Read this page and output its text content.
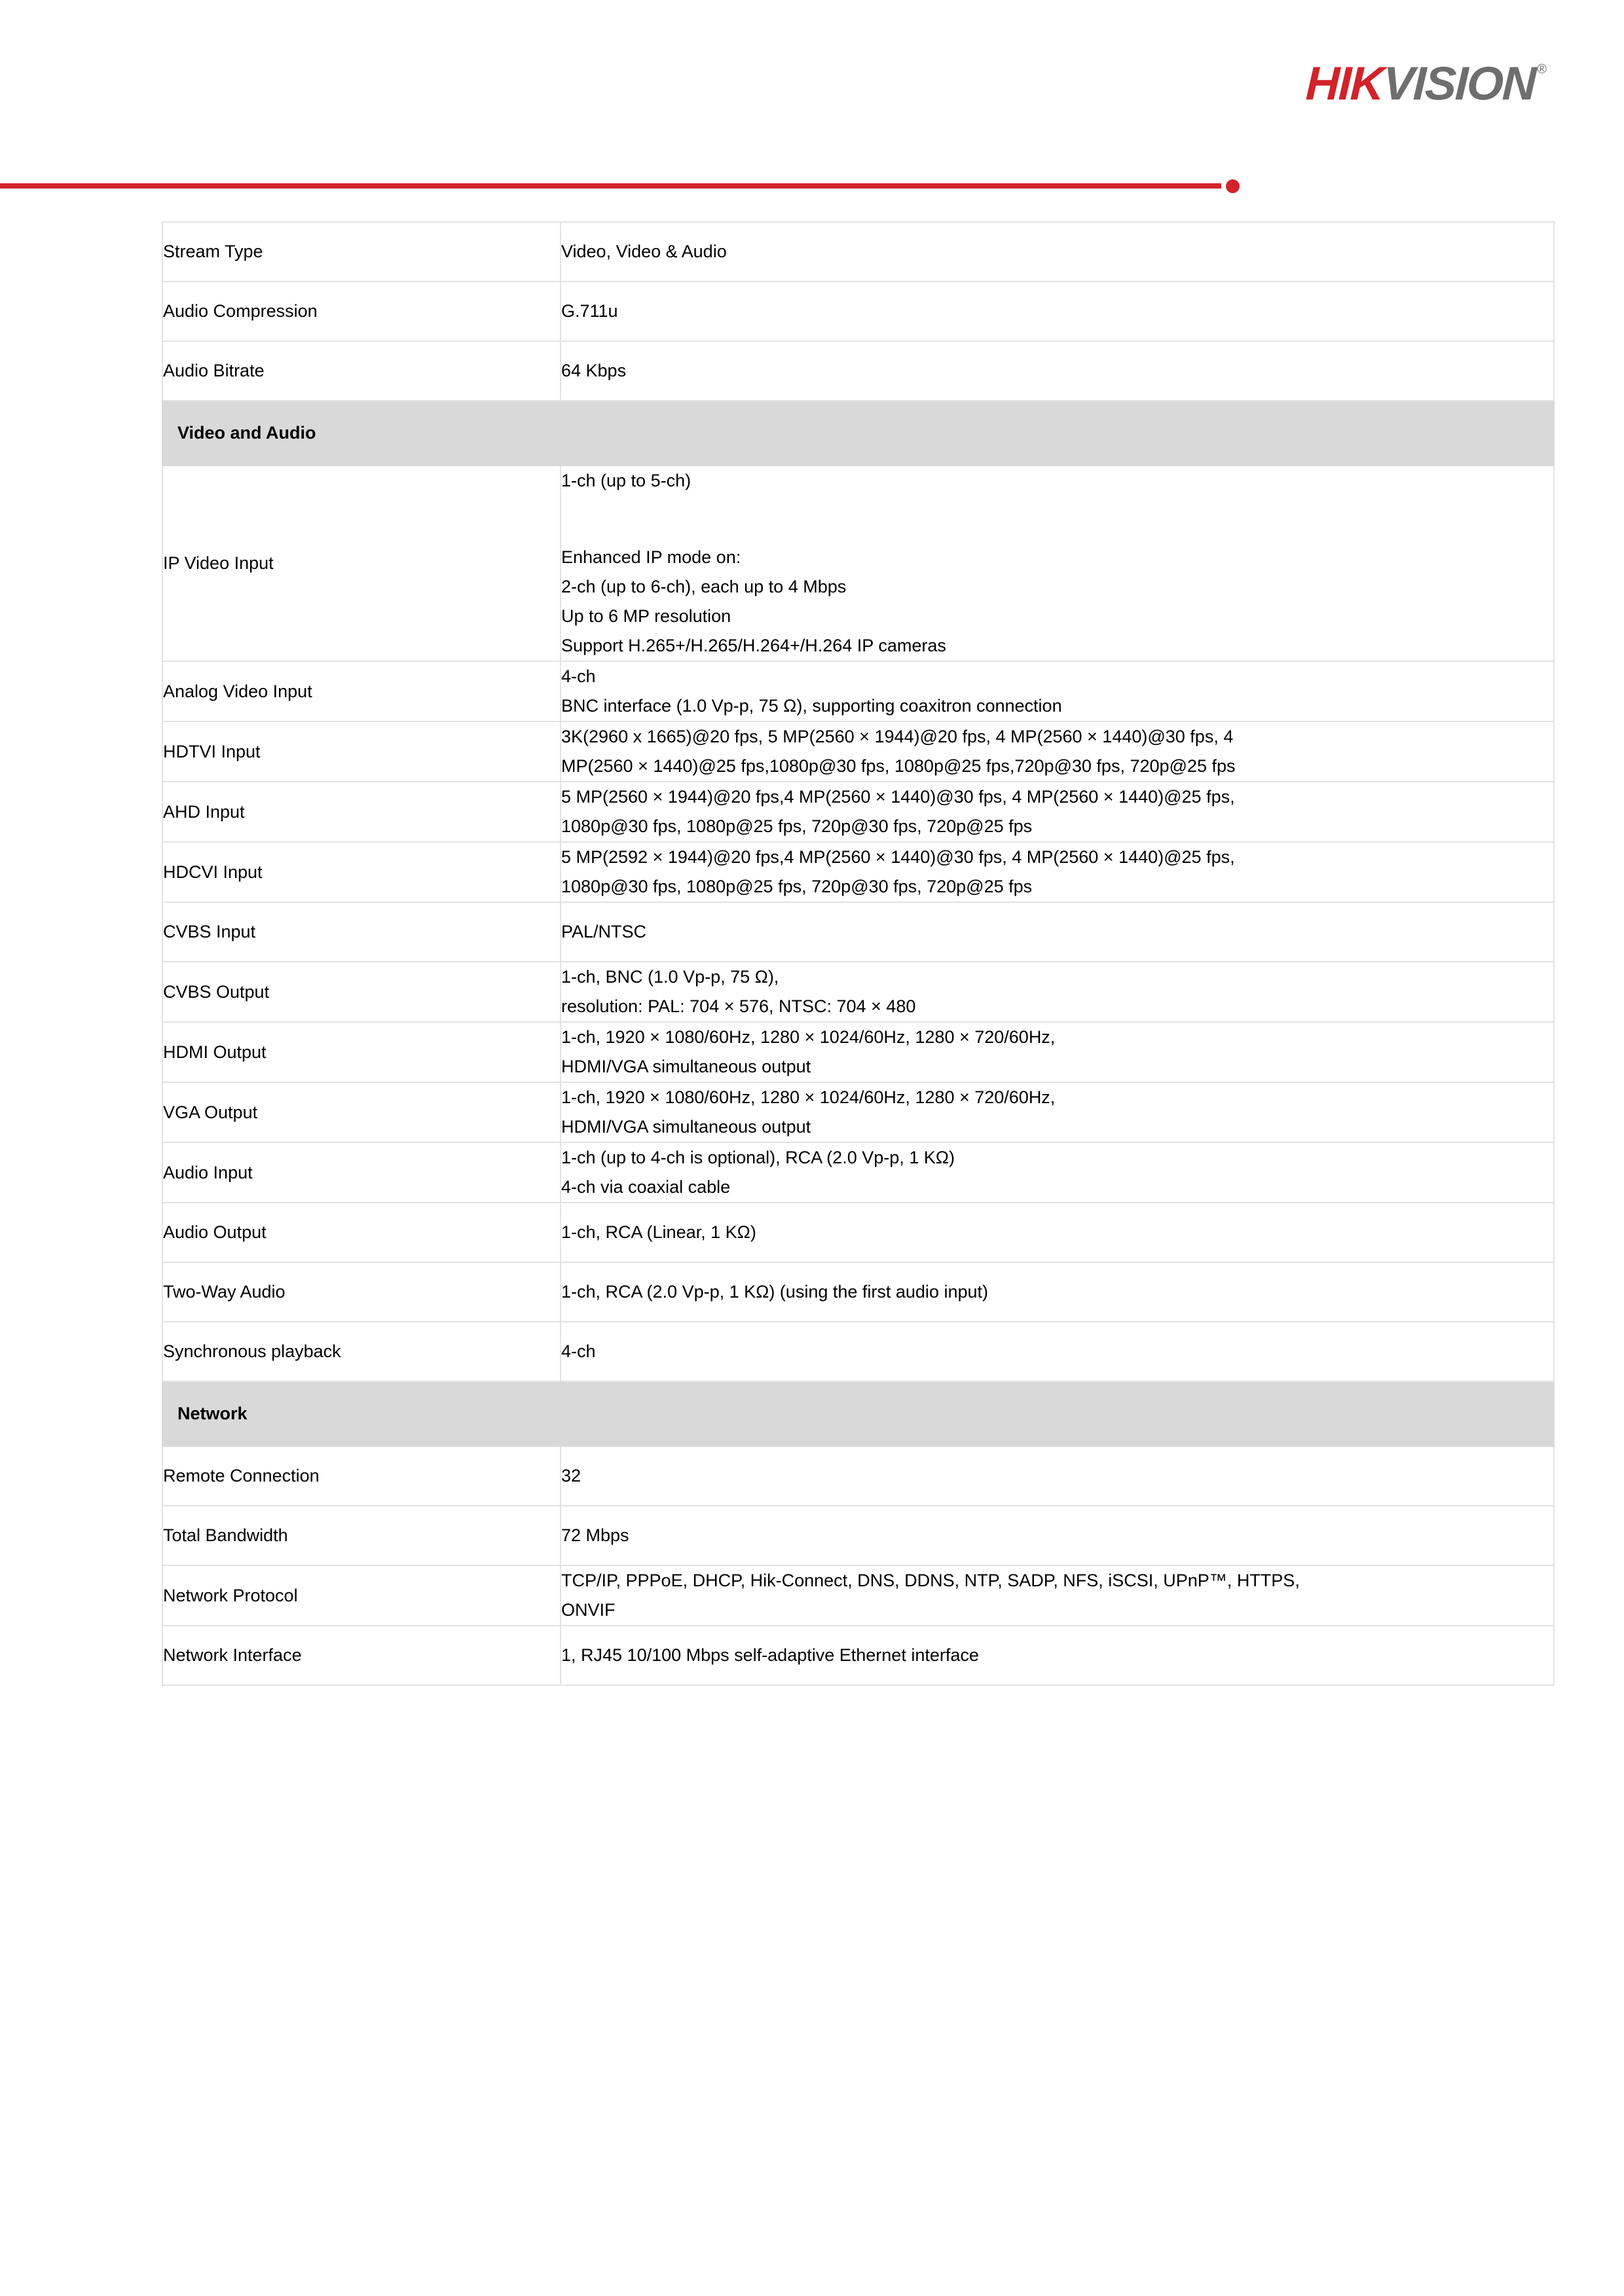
HIK
VISION ®
Stream Type	Video, Video & Audio

Audio Compression	G.711u

Audio Bitrate	64 Kbps

Video and Audio	

IP Video Input	1-ch (up to 5-ch)
Enhanced IP mode on:
2-ch (up to 6-ch), each up to 4 Mbps
Up to 6 MP resolution
Support H.265+/H.265/H.264+/H.264 IP cameras

Analog Video Input	4-ch
BNC interface (1.0 Vp-p, 75 Ω), supporting coaxitron connection

HDTVI Input	3K(2960 x 1665)@20 fps, 5 MP(2560 × 1944)@20 fps, 4 MP(2560 × 1440)@30 fps, 4
MP(2560 × 1440)@25 fps,1080p@30 fps, 1080p@25 fps,720p@30 fps, 720p@25 fps

AHD Input	5 MP(2560 × 1944)@20 fps,4 MP(2560 × 1440)@30 fps, 4 MP(2560 × 1440)@25 fps,
1080p@30 fps, 1080p@25 fps, 720p@30 fps, 720p@25 fps

HDCVI Input	5 MP(2592 × 1944)@20 fps,4 MP(2560 × 1440)@30 fps, 4 MP(2560 × 1440)@25 fps,
1080p@30 fps, 1080p@25 fps, 720p@30 fps, 720p@25 fps

CVBS Input	PAL/NTSC

CVBS Output	1-ch, BNC (1.0 Vp-p, 75 Ω),
resolution: PAL: 704 × 576, NTSC: 704 × 480

HDMI Output	1-ch, 1920 × 1080/60Hz, 1280 × 1024/60Hz, 1280 × 720/60Hz,
HDMI/VGA simultaneous output

VGA Output	1-ch, 1920 × 1080/60Hz, 1280 × 1024/60Hz, 1280 × 720/60Hz,
HDMI/VGA simultaneous output

Audio Input	1-ch (up to 4-ch is optional), RCA (2.0 Vp-p, 1 KΩ)
4-ch via coaxial cable

Audio Output	1-ch, RCA (Linear, 1 KΩ)

Two-Way Audio	1-ch, RCA (2.0 Vp-p, 1 KΩ) (using the first audio input)

Synchronous playback	4-ch

Network	

Remote Connection	32

Total Bandwidth	72 Mbps

Network Protocol	TCP/IP, PPPoE, DHCP, Hik-Connect, DNS, DDNS, NTP, SADP, NFS, iSCSI, UPnP™, HTTPS,
ONVIF

Network Interface	1, RJ45 10/100 Mbps self-adaptive Ethernet interface
